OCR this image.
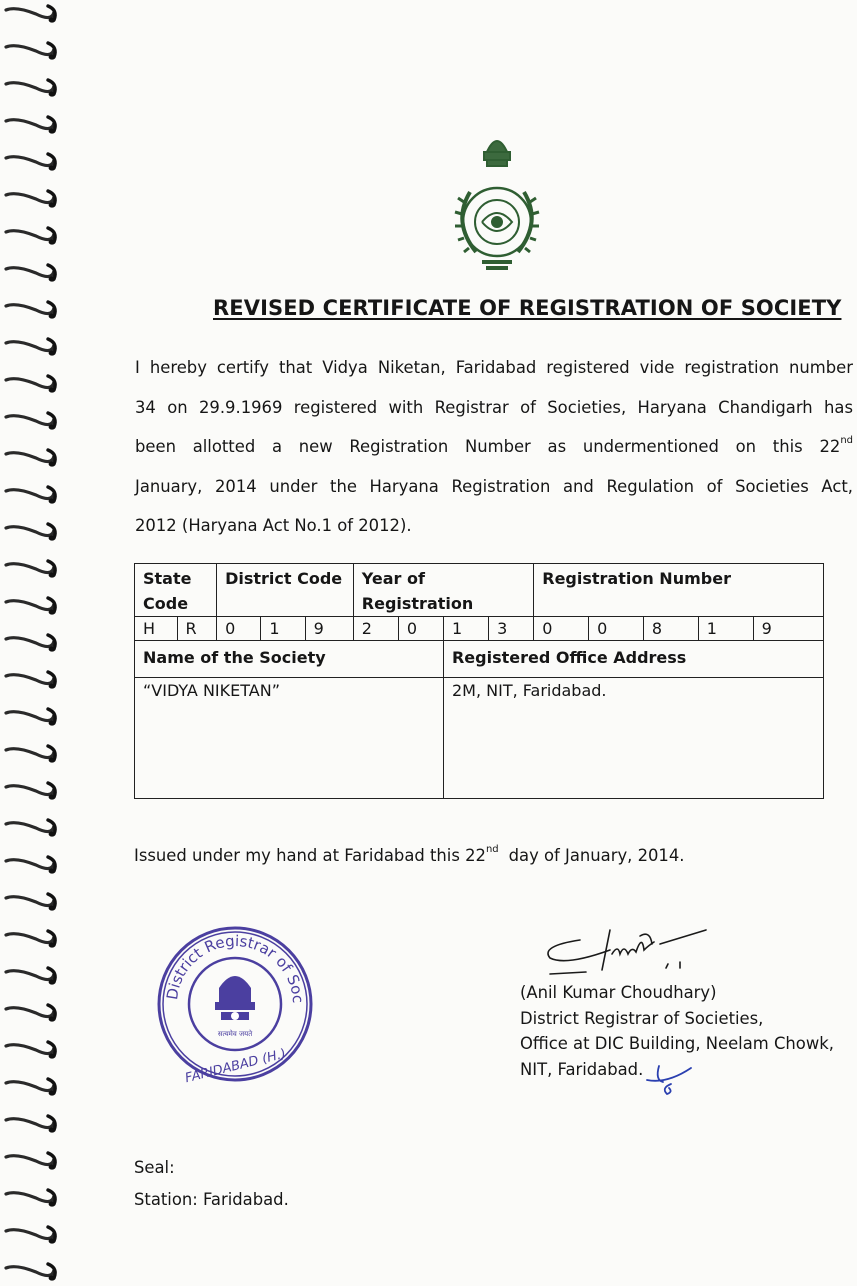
REVISED CERTIFICATE OF REGISTRATION OF SOCIETY
I hereby certify that Vidya Niketan, Faridabad registered vide registration number
34 on 29.9.1969 registered with Registrar of Societies, Haryana Chandigarh has
been allotted a new Registration Number as undermentioned on this 22nd
January, 2014 under the Haryana Registration and Regulation of Societies Act,
2012 (Haryana Act No.1 of 2012).
State Code		District Code			Year of Registration				Registration Number				
H	R	0	1	9	2	0	1	3	0	0	8	1	9
Name of the Society							Registered Office Address						
“VIDYA NIKETAN”							2M, NIT, Faridabad.						
Issued under my hand at Faridabad this 22nd day of January, 2014.
District Registrar of Soc
FARIDABAD (H.)
सत्यमेव जयते
(Anil Kumar Choudhary)
District Registrar of Societies,
Office at DIC Building, Neelam Chowk,
NIT, Faridabad.
Seal:
Station: Faridabad.
